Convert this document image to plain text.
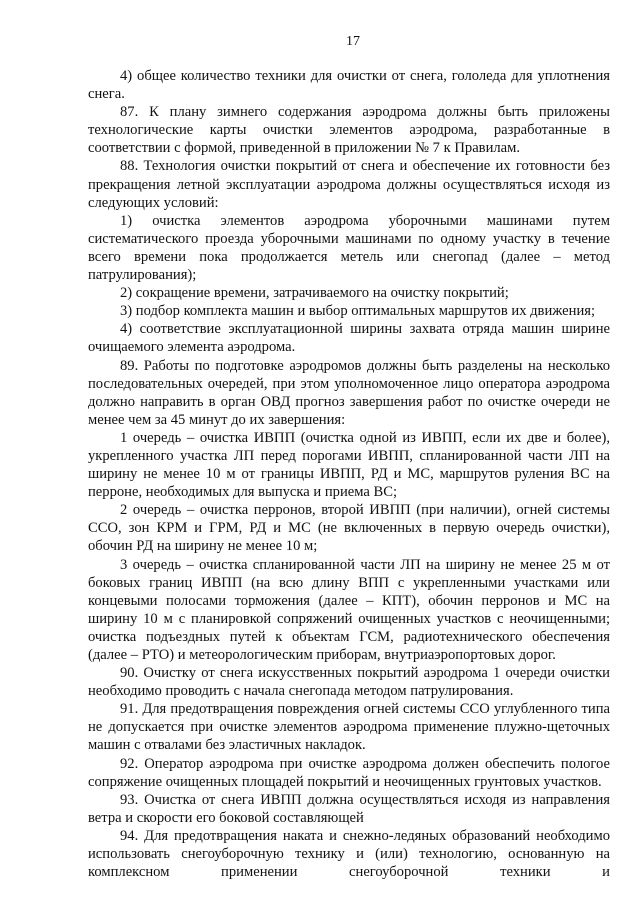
17

4) общее количество техники для очистки от снега, гололеда для уплотнения снега.

87. К плану зимнего содержания аэродрома должны быть приложены технологические карты очистки элементов аэродрома, разработанные в соответствии с формой, приведенной в приложении № 7 к Правилам.

88. Технология очистки покрытий от снега и обеспечение их готовности без прекращения летной эксплуатации аэродрома должны осуществляться исходя из следующих условий:

1) очистка элементов аэродрома уборочными машинами путем систематического проезда уборочными машинами по одному участку в течение всего времени пока продолжается метель или снегопад (далее – метод патрулирования);

2) сокращение времени, затрачиваемого на очистку покрытий;

3) подбор комплекта машин и выбор оптимальных маршрутов их движения;

4) соответствие эксплуатационной ширины захвата отряда машин ширине очищаемого элемента аэродрома.

89. Работы по подготовке аэродромов должны быть разделены на несколько последовательных очередей, при этом уполномоченное лицо оператора аэродрома должно направить в орган ОВД прогноз завершения работ по очистке очереди не менее чем за 45 минут до их завершения:

1 очередь – очистка ИВПП (очистка одной из ИВПП, если их две и более), укрепленного участка ЛП перед порогами ИВПП, спланированной части ЛП на ширину не менее 10 м от границы ИВПП, РД и МС, маршрутов руления ВС на перроне, необходимых для выпуска и приема ВС;

2 очередь – очистка перронов, второй ИВПП (при наличии), огней системы ССО, зон КРМ и ГРМ, РД и МС (не включенных в первую очередь очистки), обочин РД на ширину не менее 10 м;

3 очередь – очистка спланированной части ЛП на ширину не менее 25 м от боковых границ ИВПП (на всю длину ВПП с укрепленными участками или концевыми полосами торможения (далее – КПТ), обочин перронов и МС на ширину 10 м с планировкой сопряжений очищенных участков с неочищенными; очистка подъездных путей к объектам ГСМ, радиотехнического обеспечения (далее – РТО) и метеорологическим приборам, внутриаэропортовых дорог.

90. Очистку от снега искусственных покрытий аэродрома 1 очереди очистки необходимо проводить с начала снегопада методом патрулирования.

91. Для предотвращения повреждения огней системы ССО углубленного типа не допускается при очистке элементов аэродрома применение плужно-щеточных машин с отвалами без эластичных накладок.

92. Оператор аэродрома при очистке аэродрома должен обеспечить пологое сопряжение очищенных площадей покрытий и неочищенных грунтовых участков.

93. Очистка от снега ИВПП должна осуществляться исходя из направления ветра и скорости его боковой составляющей

94. Для предотвращения наката и снежно-ледяных образований необходимо использовать снегоуборочную технику и (или) технологию, основанную на комплексном применении снегоуборочной техники и
